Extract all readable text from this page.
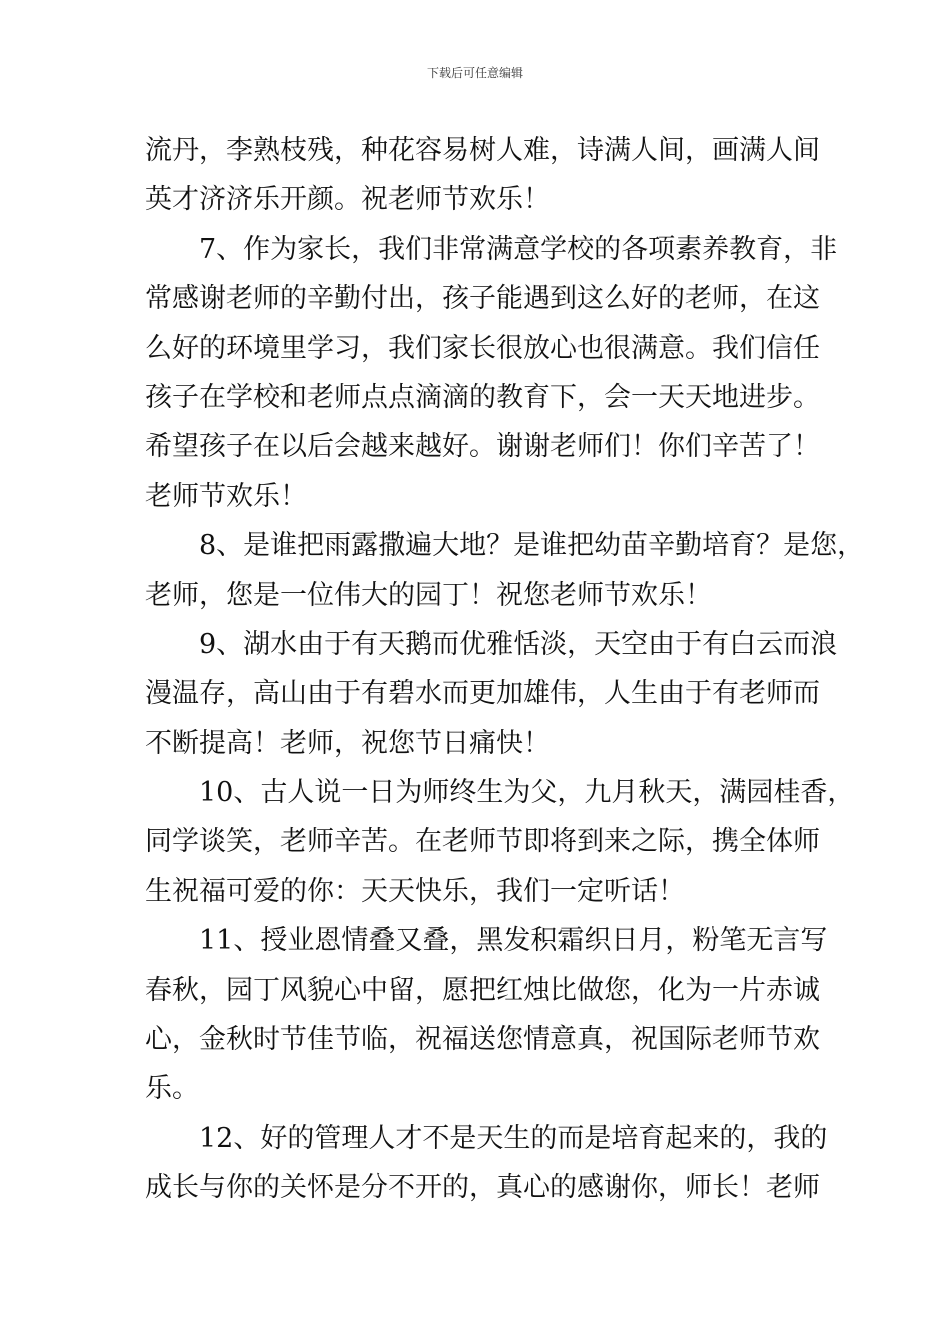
下载后可任意编辑
流丹，李熟枝残，种花容易树人难，诗满人间，画满人间
英才济济乐开颜。祝老师节欢乐！
7、作为家长，我们非常满意学校的各项素养教育，非
常感谢老师的辛勤付出，孩子能遇到这么好的老师，在这
么好的环境里学习，我们家长很放心也很满意。我们信任
孩子在学校和老师点点滴滴的教育下，会一天天地进步。
希望孩子在以后会越来越好。谢谢老师们！你们辛苦了！
老师节欢乐！
8、是谁把雨露撒遍大地？是谁把幼苗辛勤培育？是您，
老师，您是一位伟大的园丁！祝您老师节欢乐！
9、湖水由于有天鹅而优雅恬淡，天空由于有白云而浪
漫温存，高山由于有碧水而更加雄伟，人生由于有老师而
不断提高！老师，祝您节日痛快！
10、古人说一日为师终生为父，九月秋天，满园桂香，
同学谈笑，老师辛苦。在老师节即将到来之际，携全体师
生祝福可爱的你：天天快乐，我们一定听话！
11、授业恩情叠又叠，黑发积霜织日月，粉笔无言写
春秋，园丁风貌心中留，愿把红烛比做您，化为一片赤诚
心，金秋时节佳节临，祝福送您情意真，祝国际老师节欢
乐。
12、好的管理人才不是天生的而是培育起来的，我的
成长与你的关怀是分不开的，真心的感谢你，师长！老师
